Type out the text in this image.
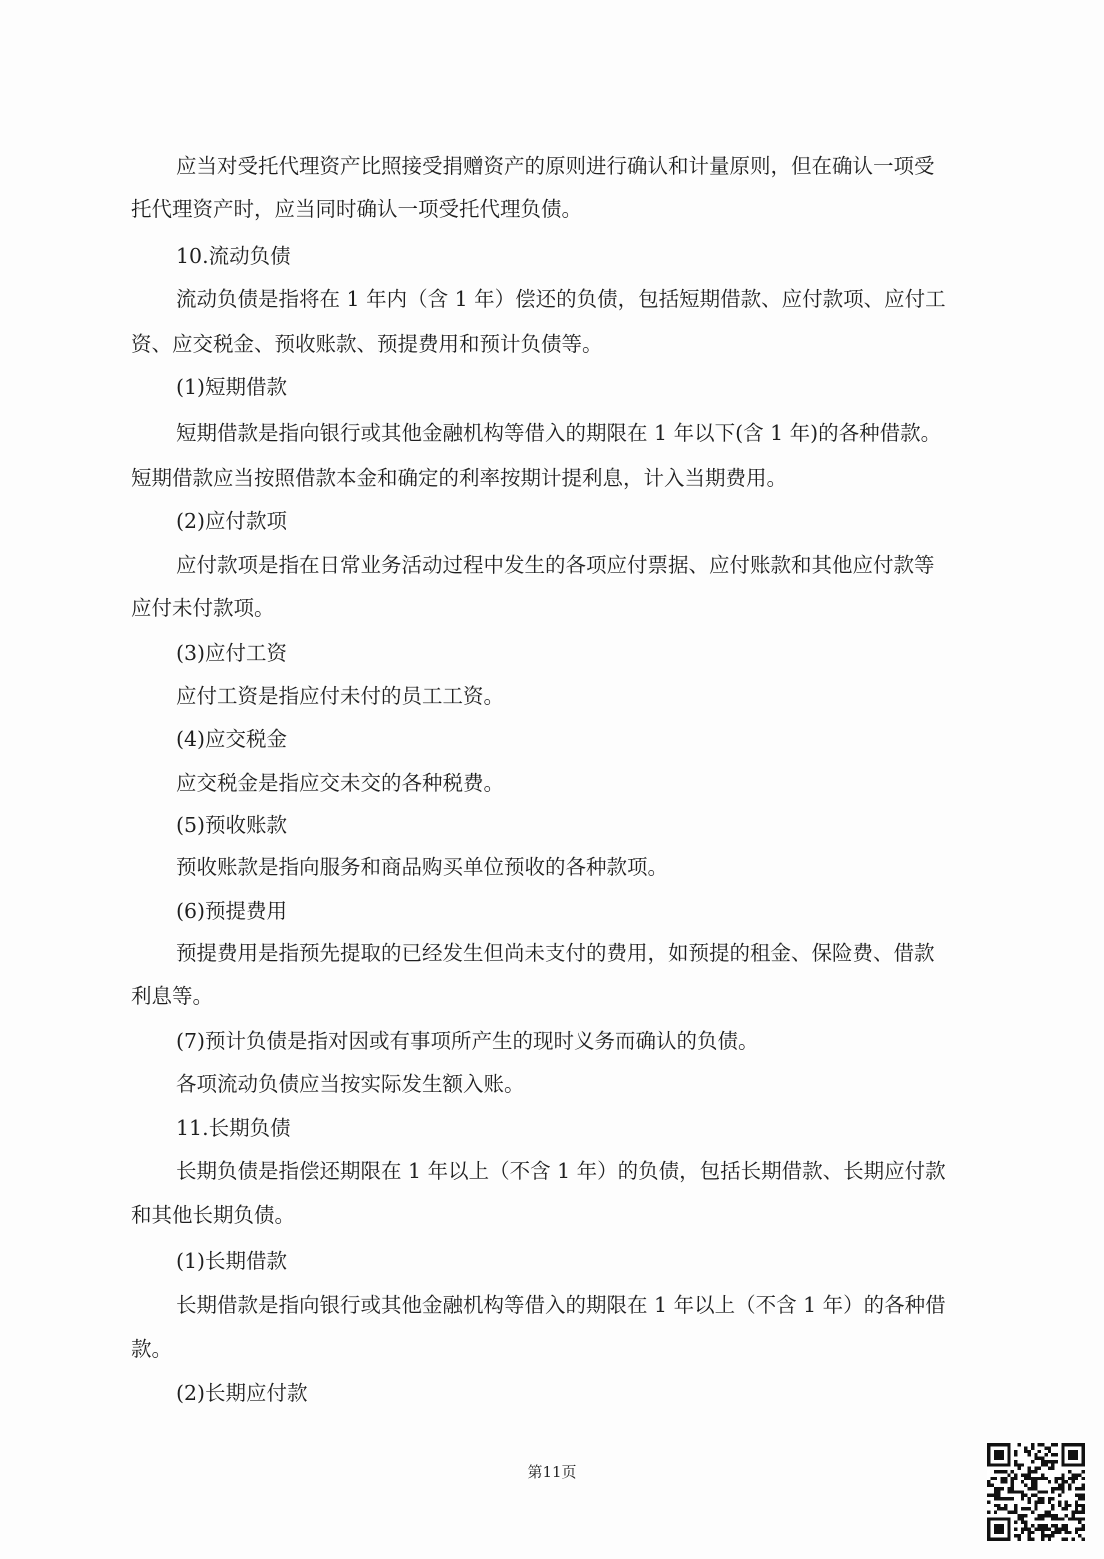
应当对受托代理资产比照接受捐赠资产的原则进行确认和计量原则，但在确认一项受
托代理资产时，应当同时确认一项受托代理负债。
10.流动负债
流动负债是指将在 1 年内（含 1 年）偿还的负债，包括短期借款、应付款项、应付工
资、应交税金、预收账款、预提费用和预计负债等。
(1)短期借款
短期借款是指向银行或其他金融机构等借入的期限在 1 年以下(含 1 年)的各种借款。
短期借款应当按照借款本金和确定的利率按期计提利息，计入当期费用。
(2)应付款项
应付款项是指在日常业务活动过程中发生的各项应付票据、应付账款和其他应付款等
应付未付款项。
(3)应付工资
应付工资是指应付未付的员工工资。
(4)应交税金
应交税金是指应交未交的各种税费。
(5)预收账款
预收账款是指向服务和商品购买单位预收的各种款项。
(6)预提费用
预提费用是指预先提取的已经发生但尚未支付的费用，如预提的租金、保险费、借款
利息等。
(7)预计负债是指对因或有事项所产生的现时义务而确认的负债。
各项流动负债应当按实际发生额入账。
11.长期负债
长期负债是指偿还期限在 1 年以上（不含 1 年）的负债，包括长期借款、长期应付款
和其他长期负债。
(1)长期借款
长期借款是指向银行或其他金融机构等借入的期限在 1 年以上（不含 1 年）的各种借
款。
(2)长期应付款
第11页
